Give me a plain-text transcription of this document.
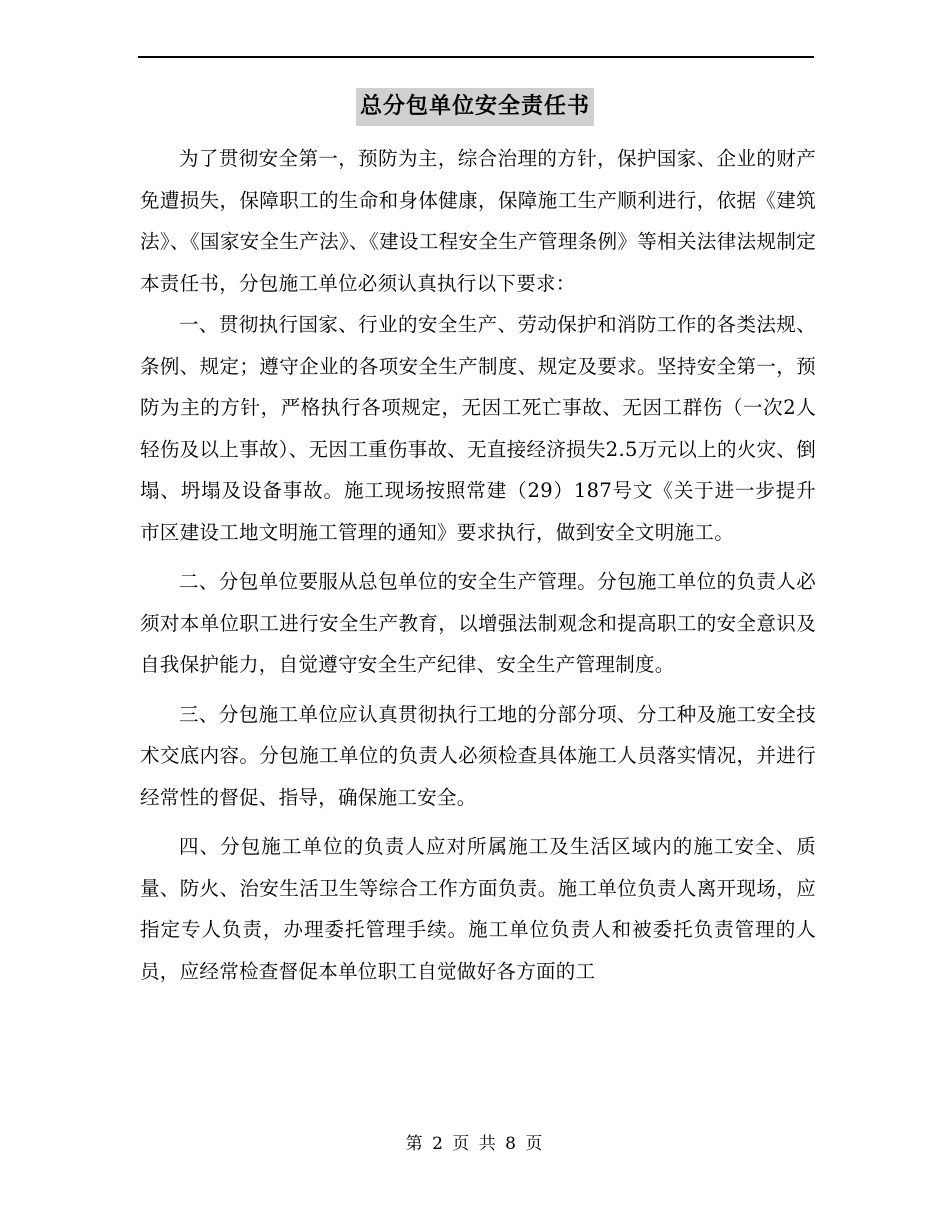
总分包单位安全责任书

为了贯彻安全第一，预防为主，综合治理的方针，保护国家、企业的财产免遭损失，保障职工的生命和身体健康，保障施工生产顺利进行，依据《建筑法》、《国家安全生产法》、《建设工程安全生产管理条例》等相关法律法规制定本责任书，分包施工单位必须认真执行以下要求：

一、贯彻执行国家、行业的安全生产、劳动保护和消防工作的各类法规、条例、规定；遵守企业的各项安全生产制度、规定及要求。坚持安全第一，预防为主的方针，严格执行各项规定，无因工死亡事故、无因工群伤（一次2人轻伤及以上事故）、无因工重伤事故、无直接经济损失2.5万元以上的火灾、倒塌、坍塌及设备事故。施工现场按照常建（29）187号文《关于进一步提升市区建设工地文明施工管理的通知》要求执行，做到安全文明施工。

二、分包单位要服从总包单位的安全生产管理。分包施工单位的负责人必须对本单位职工进行安全生产教育，以增强法制观念和提高职工的安全意识及自我保护能力，自觉遵守安全生产纪律、安全生产管理制度。

三、分包施工单位应认真贯彻执行工地的分部分项、分工种及施工安全技术交底内容。分包施工单位的负责人必须检查具体施工人员落实情况，并进行经常性的督促、指导，确保施工安全。

四、分包施工单位的负责人应对所属施工及生活区域内的施工安全、质量、防火、治安生活卫生等综合工作方面负责。施工单位负责人离开现场，应指定专人负责，办理委托管理手续。施工单位负责人和被委托负责管理的人员，应经常检查督促本单位职工自觉做好各方面的工

第 2 页 共 8 页
